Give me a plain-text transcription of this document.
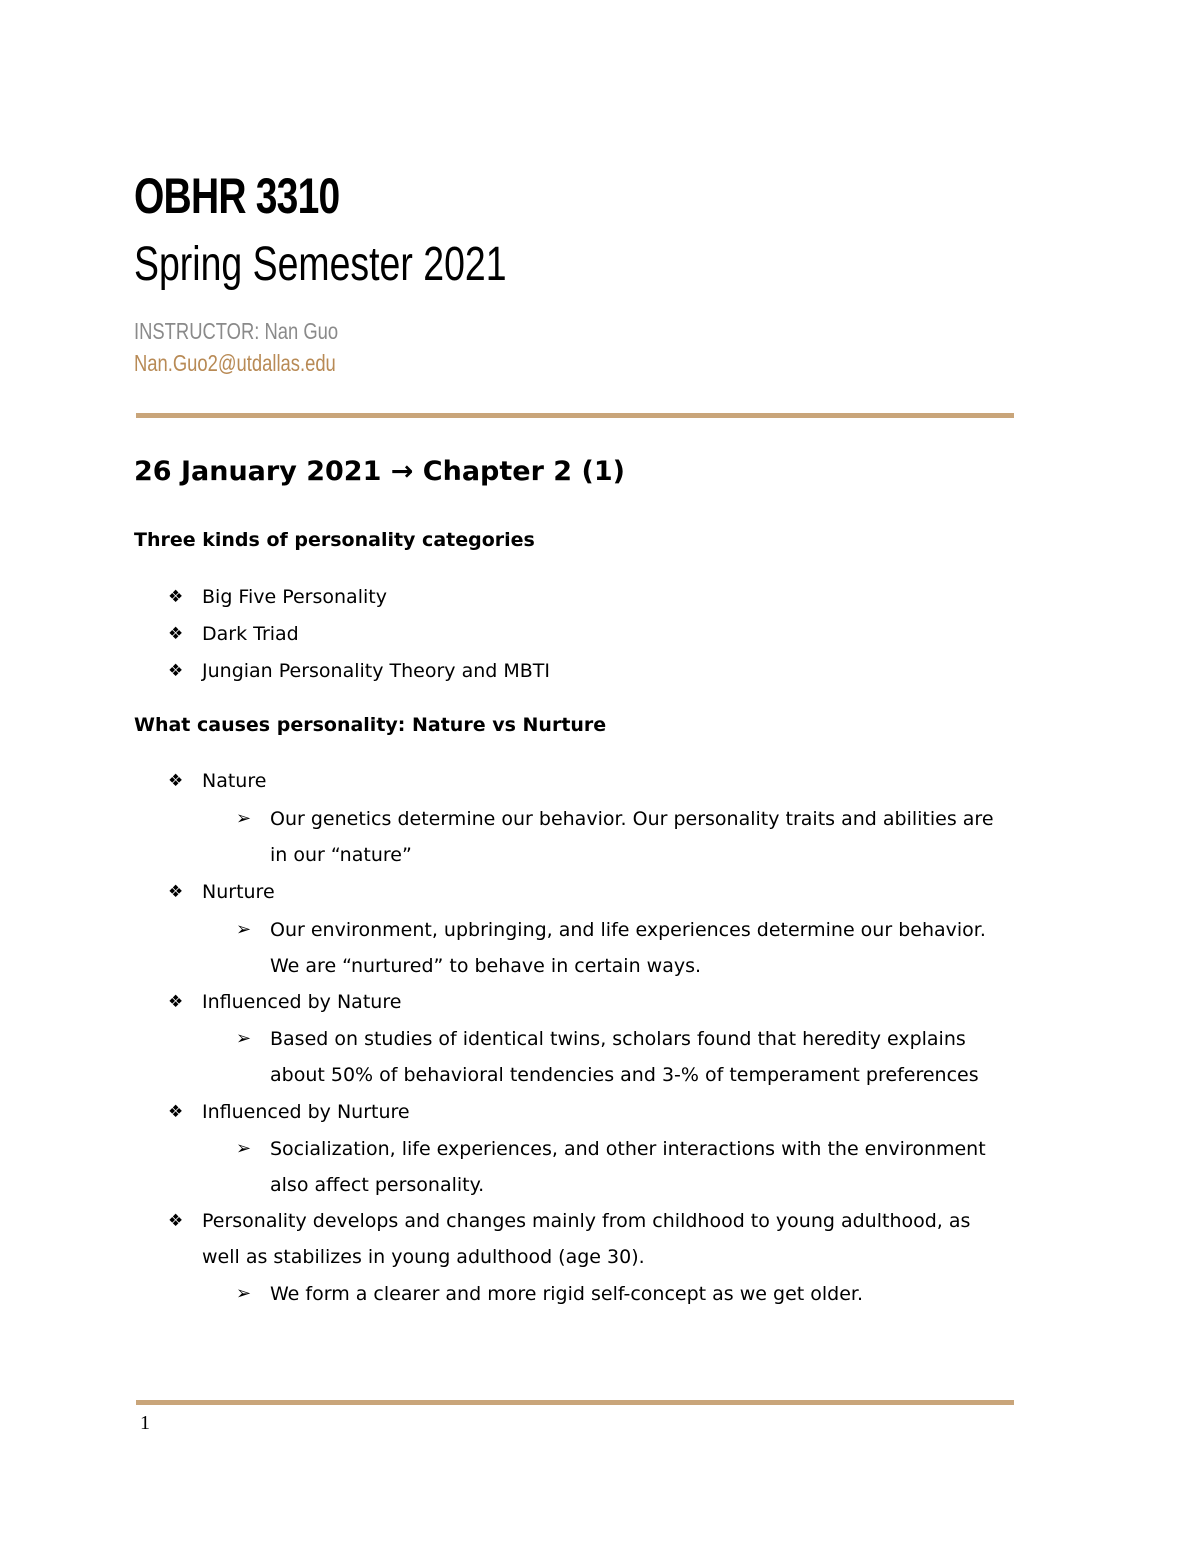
OBHR 3310
Spring Semester 2021
INSTRUCTOR: Nan Guo
Nan.Guo2@utdallas.edu
26 January 2021 → Chapter 2 (1)
Three kinds of personality categories
❖ Big Five Personality
❖ Dark Triad
❖ Jungian Personality Theory and MBTI
What causes personality: Nature vs Nurture
❖ Nature
➢ Our genetics determine our behavior. Our personality traits and abilities are in our “nature”
❖ Nurture
➢ Our environment, upbringing, and life experiences determine our behavior. We are “nurtured” to behave in certain ways.
❖ Influenced by Nature
➢ Based on studies of identical twins, scholars found that heredity explains about 50% of behavioral tendencies and 3-% of temperament preferences
❖ Influenced by Nurture
➢ Socialization, life experiences, and other interactions with the environment also affect personality.
❖ Personality develops and changes mainly from childhood to young adulthood, as well as stabilizes in young adulthood (age 30).
➢ We form a clearer and more rigid self-concept as we get older.
1
